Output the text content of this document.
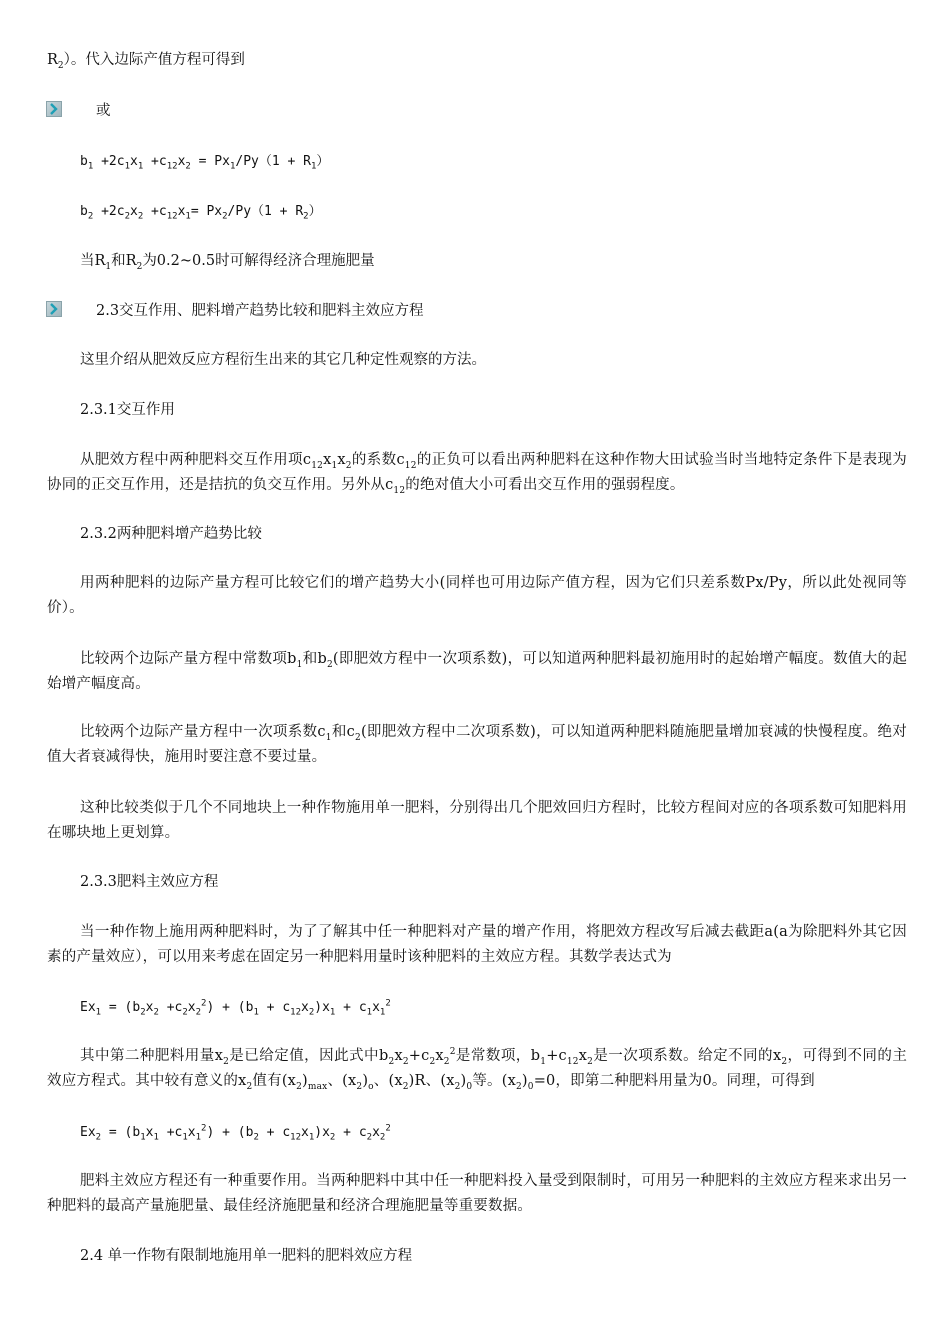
$R_2$）。代入边际产值方程可得到
或
$b_1 +2c_1x_1 +c_{12}x_2 = Px_1/Py(1 + R_1)$
$b_2 +2c_2x_2 +c_{12}x_1= Px_2/Py(1 + R_2)$
当$R_1$和$R_2$为0.2~0.5时可解得经济合理施肥量
2.3交互作用、肥料增产趋势比较和肥料主效应方程
这里介绍从肥效反应方程衍生出来的其它几种定性观察的方法。
2.3.1交互作用
从肥效方程中两种肥料交互作用项$c_{12}x_1x_2$的系数$c_{12}$的正负可以看出两种肥料在这种作物大田试验当时当地特定条件下是表现为协同的正交互作用，还是拮抗的负交互作用。另外从$c_{12}$的绝对值大小可看出交互作用的强弱程度。
2.3.2两种肥料增产趋势比较
用两种肥料的边际产量方程可比较它们的增产趋势大小(同样也可用边际产值方程，因为它们只差系数Px/Py，所以此处视同等价）。
比较两个边际产量方程中常数项$b_1$和$b_2$(即肥效方程中一次项系数)，可以知道两种肥料最初施用时的起始增产幅度。数值大的起始增产幅度高。
比较两个边际产量方程中一次项系数$c_1$和$c_2$(即肥效方程中二次项系数)，可以知道两种肥料随施肥量增加衰减的快慢程度。绝对值大者衰减得快，施用时要注意不要过量。
这种比较类似于几个不同地块上一种作物施用单一肥料，分别得出几个肥效回归方程时，比较方程间对应的各项系数可知肥料用在哪块地上更划算。
2.3.3肥料主效应方程
当一种作物上施用两种肥料时，为了了解其中任一种肥料对产量的增产作用，将肥效方程改写后减去截距a(a为除肥料外其它因素的产量效应），可以用来考虑在固定另一种肥料用量时该种肥料的主效应方程。其数学表达式为
$Ex_1 = (b_2x_2 +c_2x_2^2) + (b_1 + c_{12}x_2)x_1 + c_1x_1^2$
其中第二种肥料用量$x_2$是已给定值，因此式中$b_2x_2+c_2x_2^2$是常数项，$b_1+c_{12}x_2$是一次项系数。给定不同的$x_2$，可得到不同的主效应方程式。其中较有意义的$x_2$值有$(x_2)_{max}$、$(x_2)_o$、$(x_2)R$、$(x_2)_0$等。$(x_2)_0=0$，即第二种肥料用量为0。同理，可得到
$Ex_2 = (b_1x_1 +c_1x_1^2) + (b_2 + c_{12}x_1)x_2 + c_2x_2^2$
肥料主效应方程还有一种重要作用。当两种肥料中其中任一种肥料投入量受到限制时，可用另一种肥料的主效应方程来求出另一种肥料的最高产量施肥量、最佳经济施肥量和经济合理施肥量等重要数据。
2.4 单一作物有限制地施用单一肥料的肥料效应方程
